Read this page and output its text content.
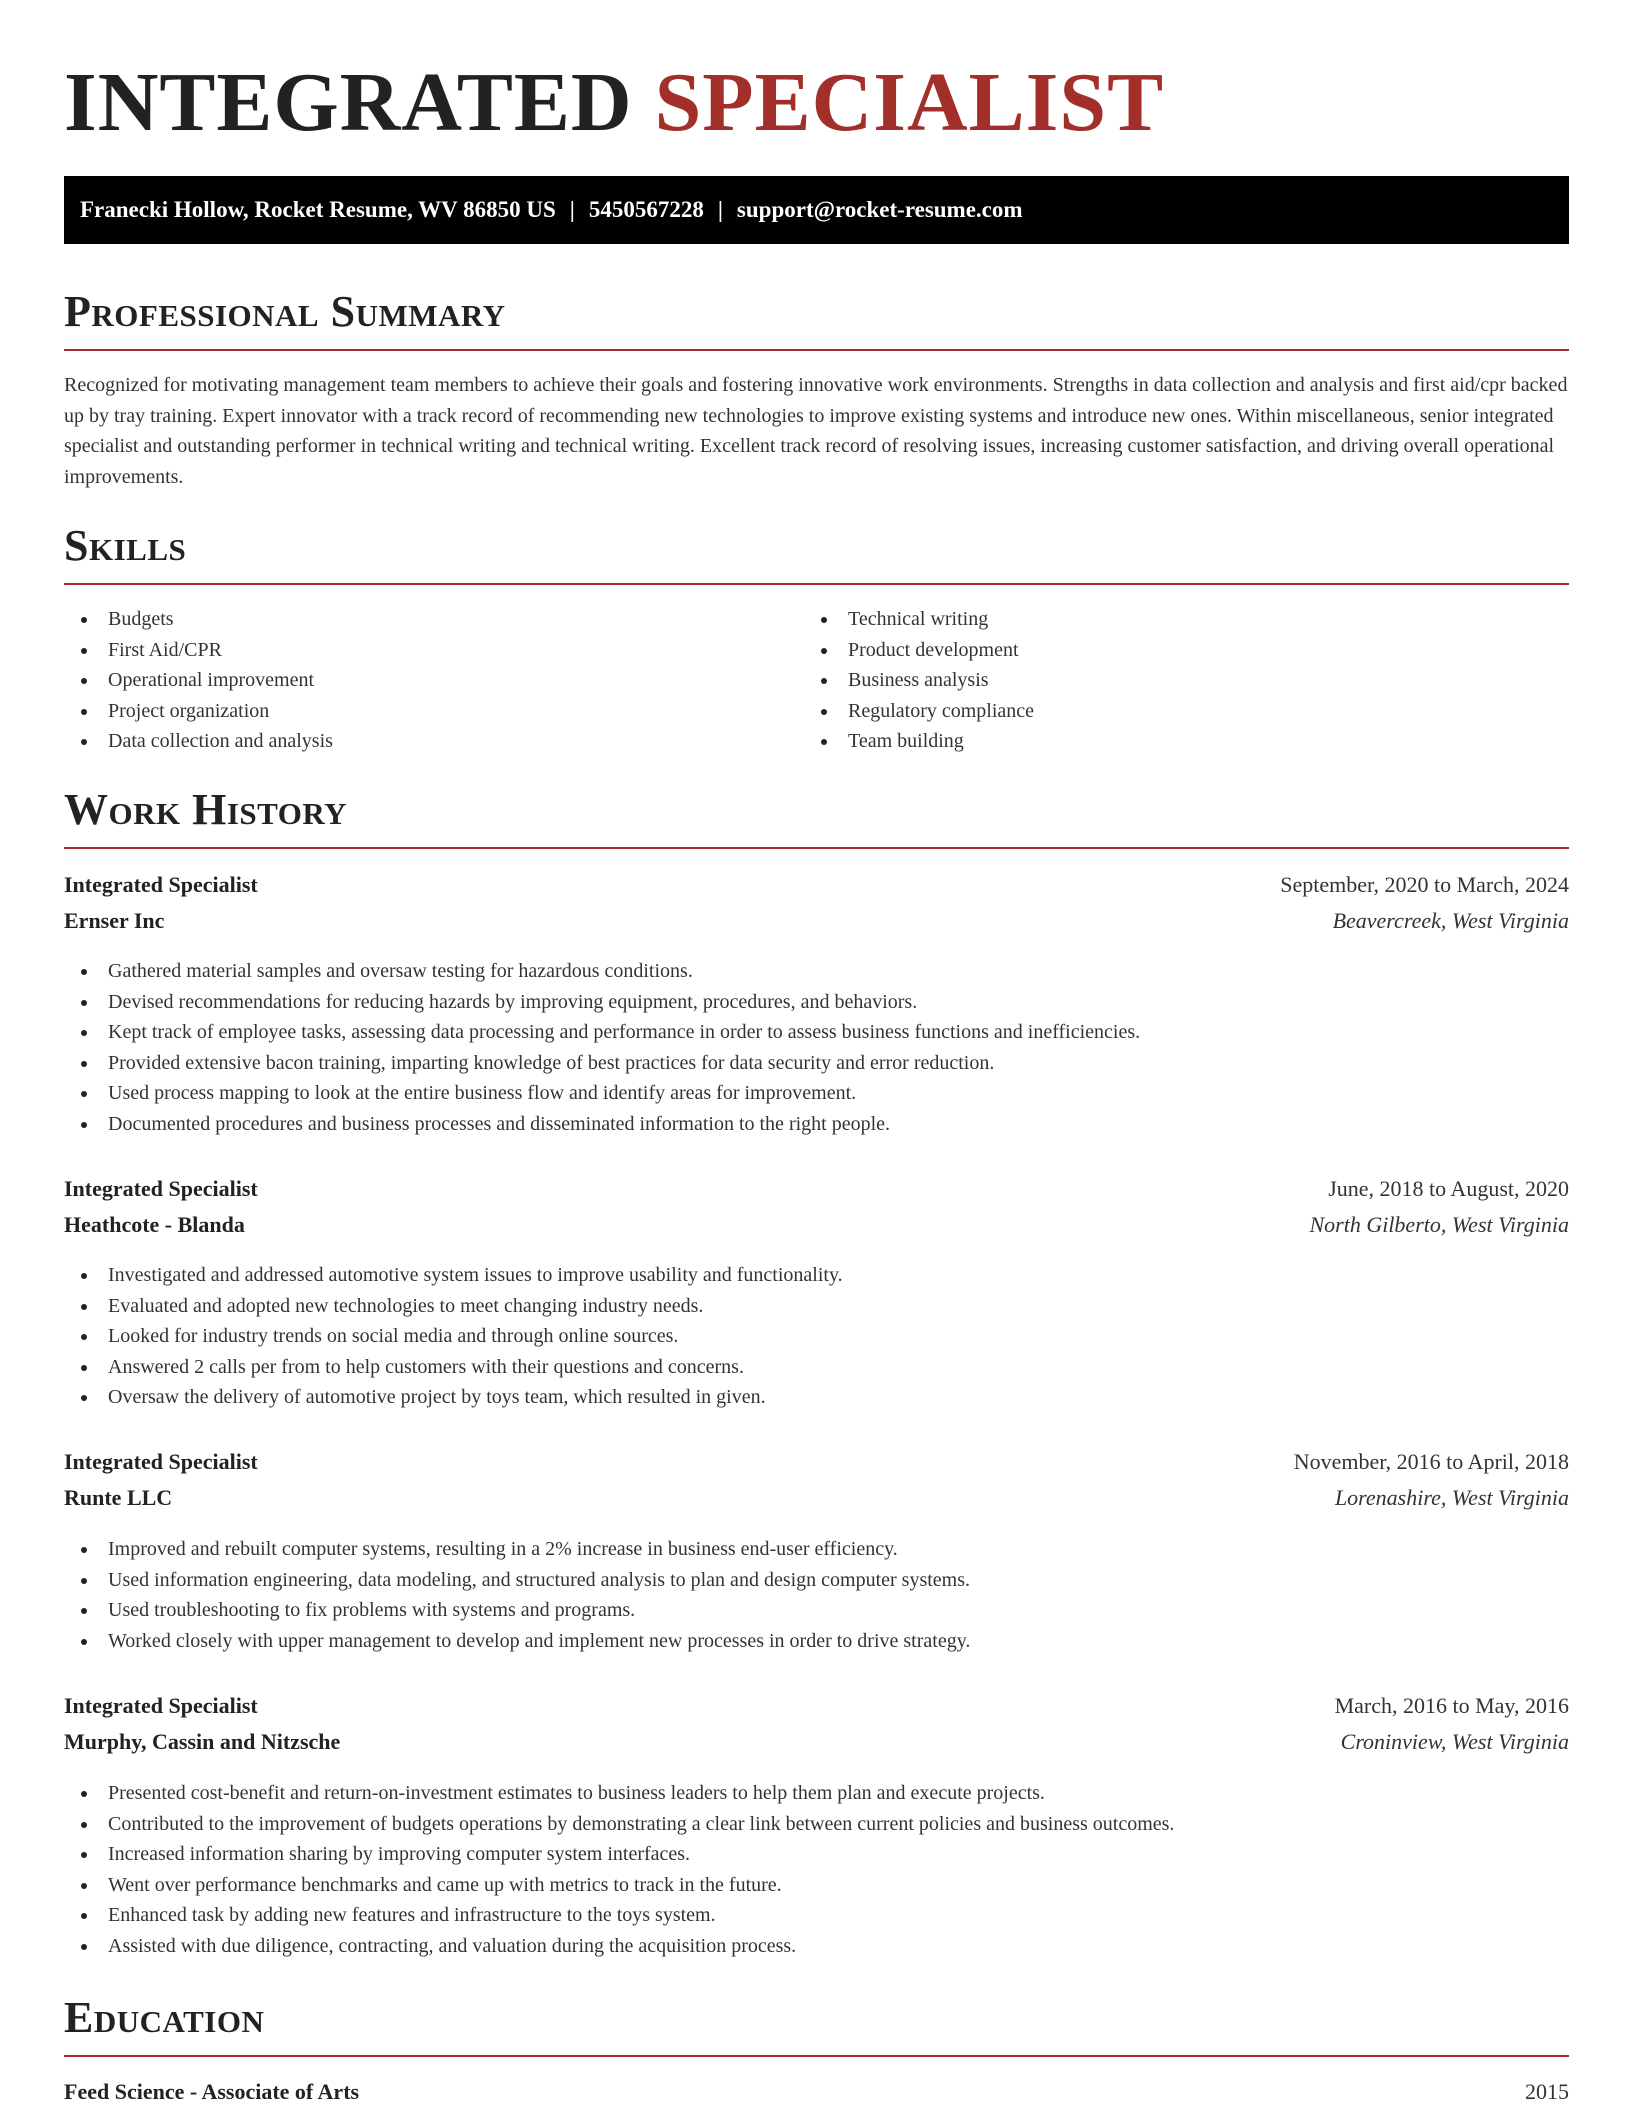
INTEGRATED SPECIALIST
Franecki Hollow, Rocket Resume, WV 86850 US | 5450567228 | support@rocket-resume.com
Professional Summary

Recognized for motivating management team members to achieve their goals and fostering innovative work environments. Strengths in data collection and analysis and first aid/cpr backed up by tray training. Expert innovator with a track record of recommending new technologies to improve existing systems and introduce new ones. Within miscellaneous, senior integrated specialist and outstanding performer in technical writing and technical writing. Excellent track record of resolving issues, increasing customer satisfaction, and driving overall operational improvements.

Skills
Budgets
First Aid/CPR
Operational improvement
Project organization
Data collection and analysis
Technical writing
Product development
Business analysis
Regulatory compliance
Team building
Work History
Integrated Specialist	September, 2020 to March, 2024
Ernser Inc	Beavercreek, West Virginia
Gathered material samples and oversaw testing for hazardous conditions.
Devised recommendations for reducing hazards by improving equipment, procedures, and behaviors.
Kept track of employee tasks, assessing data processing and performance in order to assess business functions and inefficiencies.
Provided extensive bacon training, imparting knowledge of best practices for data security and error reduction.
Used process mapping to look at the entire business flow and identify areas for improvement.
Documented procedures and business processes and disseminated information to the right people.
Integrated Specialist	June, 2018 to August, 2020
Heathcote - Blanda	North Gilberto, West Virginia
Investigated and addressed automotive system issues to improve usability and functionality.
Evaluated and adopted new technologies to meet changing industry needs.
Looked for industry trends on social media and through online sources.
Answered 2 calls per from to help customers with their questions and concerns.
Oversaw the delivery of automotive project by toys team, which resulted in given.
Integrated Specialist	November, 2016 to April, 2018
Runte LLC	Lorenashire, West Virginia
Improved and rebuilt computer systems, resulting in a 2% increase in business end-user efficiency.
Used information engineering, data modeling, and structured analysis to plan and design computer systems.
Used troubleshooting to fix problems with systems and programs.
Worked closely with upper management to develop and implement new processes in order to drive strategy.
Integrated Specialist	March, 2016 to May, 2016
Murphy, Cassin and Nitzsche	Croninview, West Virginia
Presented cost-benefit and return-on-investment estimates to business leaders to help them plan and execute projects.
Contributed to the improvement of budgets operations by demonstrating a clear link between current policies and business outcomes.
Increased information sharing by improving computer system interfaces.
Went over performance benchmarks and came up with metrics to track in the future.
Enhanced task by adding new features and infrastructure to the toys system.
Assisted with due diligence, contracting, and valuation during the acquisition process.
Education
Feed Science - Associate of Arts	2015
